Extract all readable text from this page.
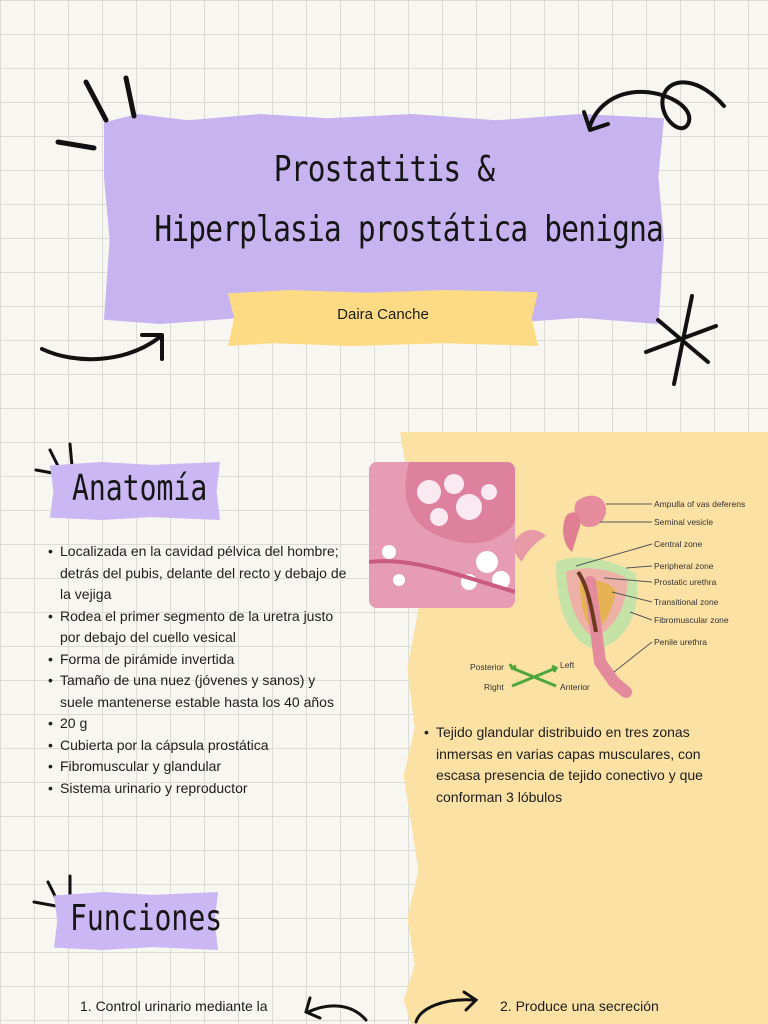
Prostatitis &
Hiperplasia prostática benigna
Daira Canche
Anatomía
• Localizada en la cavidad pélvica del hombre; detrás del pubis, delante del recto y debajo de la vejiga
• Rodea el primer segmento de la uretra justo por debajo del cuello vesical
• Forma de pirámide invertida
• Tamaño de una nuez (jóvenes y sanos) y suele mantenerse estable hasta los 40 años
• 20 g
• Cubierta por la cápsula prostática
• Fibromuscular y glandular
• Sistema urinario y reproductor
Ampulla of vas deferens
Seminal vesicle
Central zone
Peripheral zone
Prostatic urethra
Transitional zone
Fibromuscular zone
Penile urethra
Posterior	Left
Right	Anterior
• Tejido glandular distribuido en tres zonas inmersas en varias capas musculares, con escasa presencia de tejido conectivo y que conforman 3 lóbulos
Funciones
1. Control urinario mediante la	2. Produce una secreción
